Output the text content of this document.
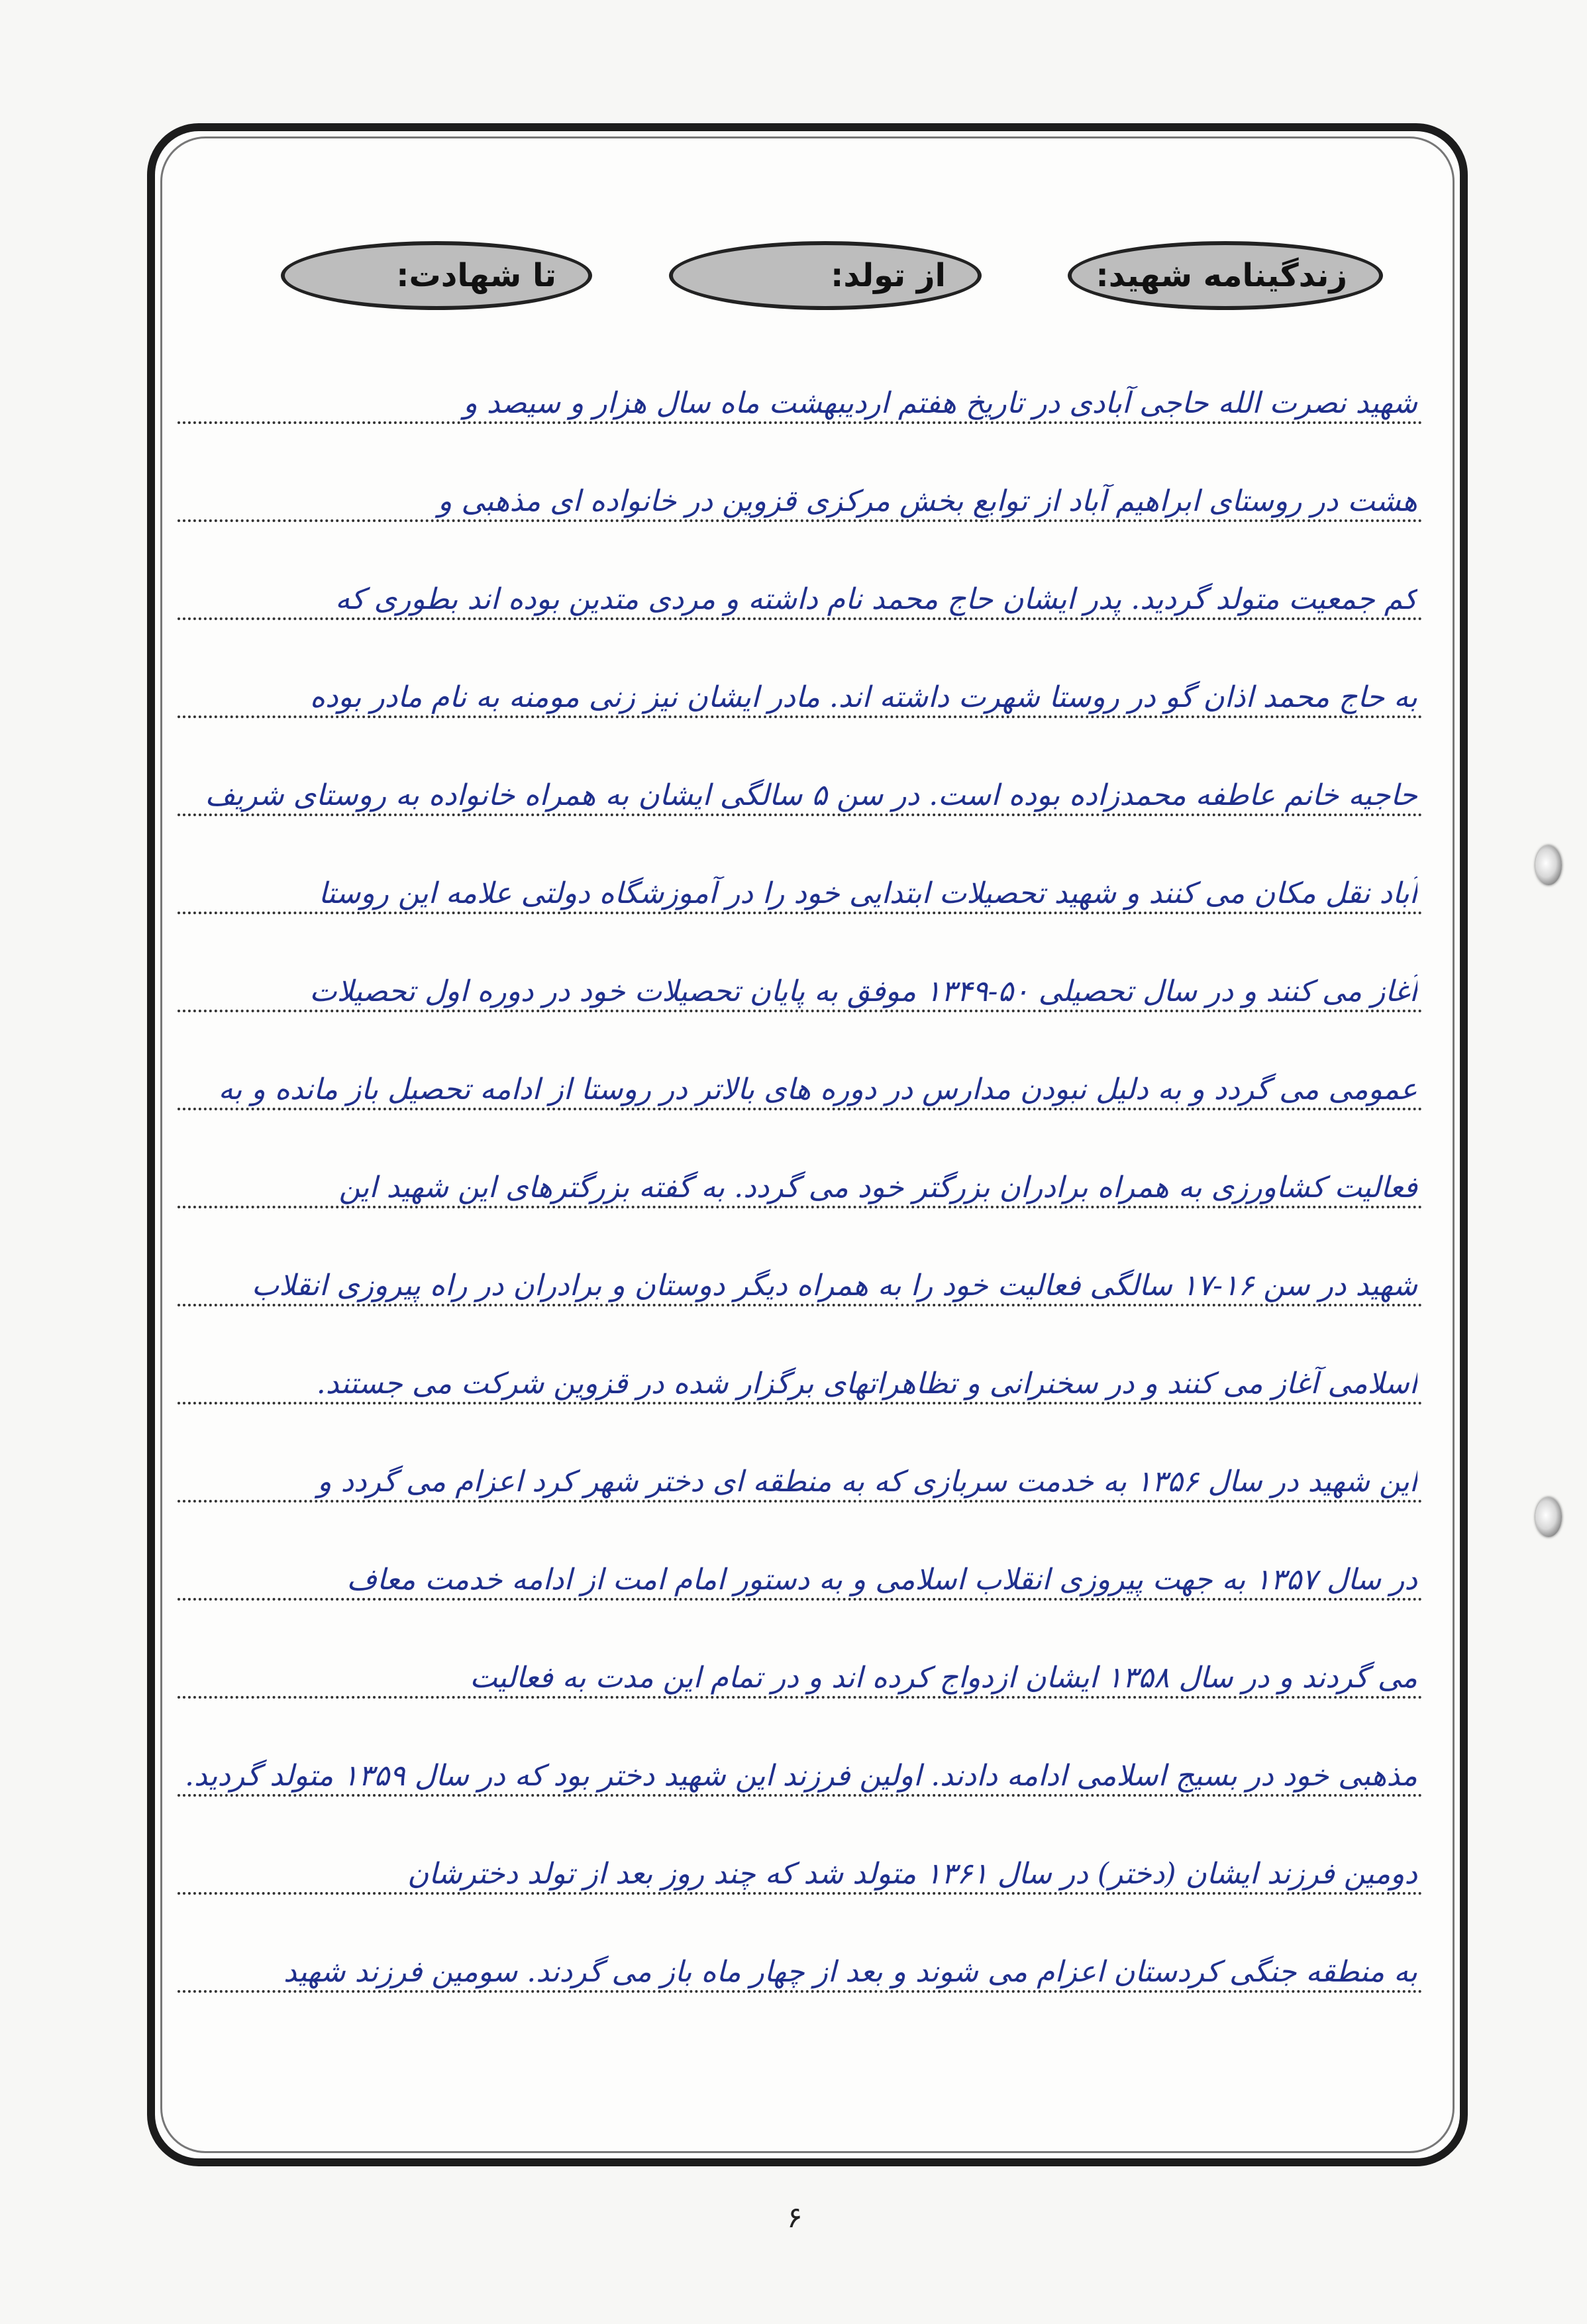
زندگینامه شهید:
از تولد:
تا شهادت:
شهید نصرت الله حاجی آبادی در تاریخ هفتم اردیبهشت ماه سال هزار و سیصد و
هشت در روستای ابراهیم آباد از توابع بخش مرکزی قزوین در خانواده ای مذهبی و
کم جمعیت متولد گردید. پدر ایشان حاج محمد نام داشته و مردی متدین بوده اند بطوری که
به حاج محمد اذان گو در روستا شهرت داشته اند. مادر ایشان نیز زنی مومنه به نام مادر بوده
حاجیه خانم عاطفه محمدزاده بوده است. در سن ۵ سالگی ایشان به همراه خانواده به روستای شریف
آباد نقل مکان می کنند و شهید تحصیلات ابتدایی خود را در آموزشگاه دولتی علامه این روستا
آغاز می کنند و در سال تحصیلی ۵۰-۱۳۴۹ موفق به پایان تحصیلات خود در دوره اول تحصیلات
عمومی می گردد و به دلیل نبودن مدارس در دوره های بالاتر در روستا از ادامه تحصیل باز مانده و به
فعالیت کشاورزی به همراه برادران بزرگتر خود می گردد. به گفته بزرگترهای این شهید این
شهید در سن ۱۶-۱۷ سالگی فعالیت خود را به همراه دیگر دوستان و برادران در راه پیروزی انقلاب
اسلامی آغاز می کنند و در سخنرانی و تظاهراتهای برگزار شده در قزوین شرکت می جستند.
این شهید در سال ۱۳۵۶ به خدمت سربازی که به منطقه ای دختر شهر کرد اعزام می گردد و
در سال ۱۳۵۷ به جهت پیروزی انقلاب اسلامی و به دستور امام امت از ادامه خدمت معاف
می گردند و در سال ۱۳۵۸ ایشان ازدواج کرده اند و در تمام این مدت به فعالیت
مذهبی خود در بسیج اسلامی ادامه دادند. اولین فرزند این شهید دختر بود که در سال ۱۳۵۹ متولد گردید.
دومین فرزند ایشان (دختر) در سال ۱۳۶۱ متولد شد که چند روز بعد از تولد دخترشان
به منطقه جنگی کردستان اعزام می شوند و بعد از چهار ماه باز می گردند. سومین فرزند شهید
۶
